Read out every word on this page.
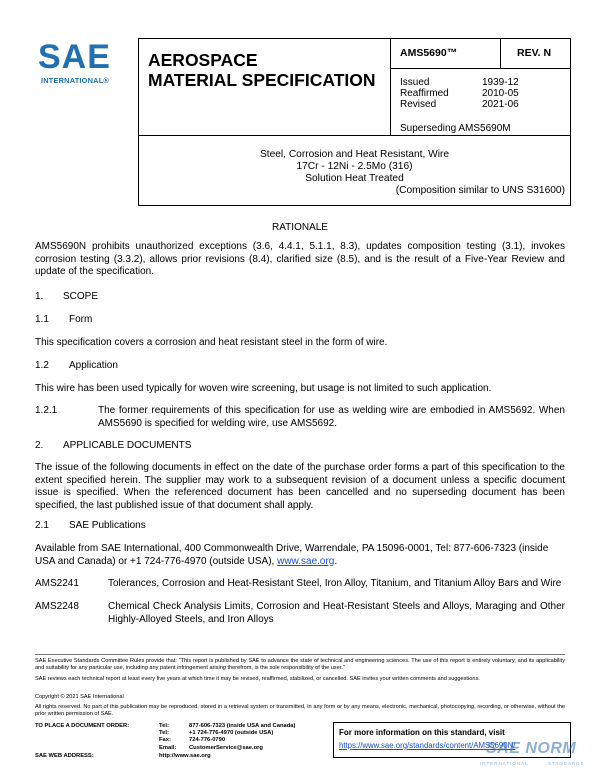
SAE
INTERNATIONAL®
AEROSPACE
MATERIAL SPECIFICATION
AMS5690™	REV. N
Issued	1939-12
Reaffirmed	2010-05
Revised	2021-06
Superseding AMS5690M
Steel, Corrosion and Heat Resistant, Wire
17Cr - 12Ni - 2.5Mo (316)
Solution Heat Treated
(Composition similar to UNS S31600)
RATIONALE
AMS5690N prohibits unauthorized exceptions (3.6, 4.4.1, 5.1.1, 8.3), updates composition testing (3.1), invokes corrosion testing (3.3.2), allows prior revisions (8.4), clarified size (8.5), and is the result of a Five-Year Review and update of the specification.
1. SCOPE
1.1 Form
This specification covers a corrosion and heat resistant steel in the form of wire.
1.2 Application
This wire has been used typically for woven wire screening, but usage is not limited to such application.
1.2.1	The former requirements of this specification for use as welding wire are embodied in AMS5692. When AMS5690 is specified for welding wire, use AMS5692.
2. APPLICABLE DOCUMENTS
The issue of the following documents in effect on the date of the purchase order forms a part of this specification to the extent specified herein. The supplier may work to a subsequent revision of a document unless a specific document issue is specified. When the referenced document has been cancelled and no superseding document has been specified, the last published issue of that document shall apply.
2.1 SAE Publications
Available from SAE International, 400 Commonwealth Drive, Warrendale, PA 15096-0001, Tel: 877-606-7323 (inside USA and Canada) or +1 724-776-4970 (outside USA), www.sae.org.
AMS2241	Tolerances, Corrosion and Heat-Resistant Steel, Iron Alloy, Titanium, and Titanium Alloy Bars and Wire
AMS2248	Chemical Check Analysis Limits, Corrosion and Heat-Resistant Steels and Alloys, Maraging and Other Highly-Alloyed Steels, and Iron Alloys
SAE Executive Standards Committee Rules provide that: “This report is published by SAE to advance the state of technical and engineering sciences. The use of this report is entirely voluntary, and its applicability and suitability for any particular use, including any patent infringement arising therefrom, is the sole responsibility of the user.”
SAE reviews each technical report at least every five years at which time it may be revised, reaffirmed, stabilized, or cancelled. SAE invites your written comments and suggestions.
Copyright © 2021 SAE International
All rights reserved. No part of this publication may be reproduced, stored in a retrieval system or transmitted, in any form or by any means, electronic, mechanical, photocopying, recording, or otherwise, without the prior written permission of SAE.
TO PLACE A DOCUMENT ORDER:	Tel:	877-606-7323 (inside USA and Canada)
Tel:	+1 724-776-4970 (outside USA)
Fax:	724-776-0790
Email: CustomerService@sae.org
SAE WEB ADDRESS:	http://www.sae.org
For more information on this standard, visit
https://www.sae.org/standards/content/AMS5690N/
SAE NORM
INTERNATIONAL	STANDARDS
